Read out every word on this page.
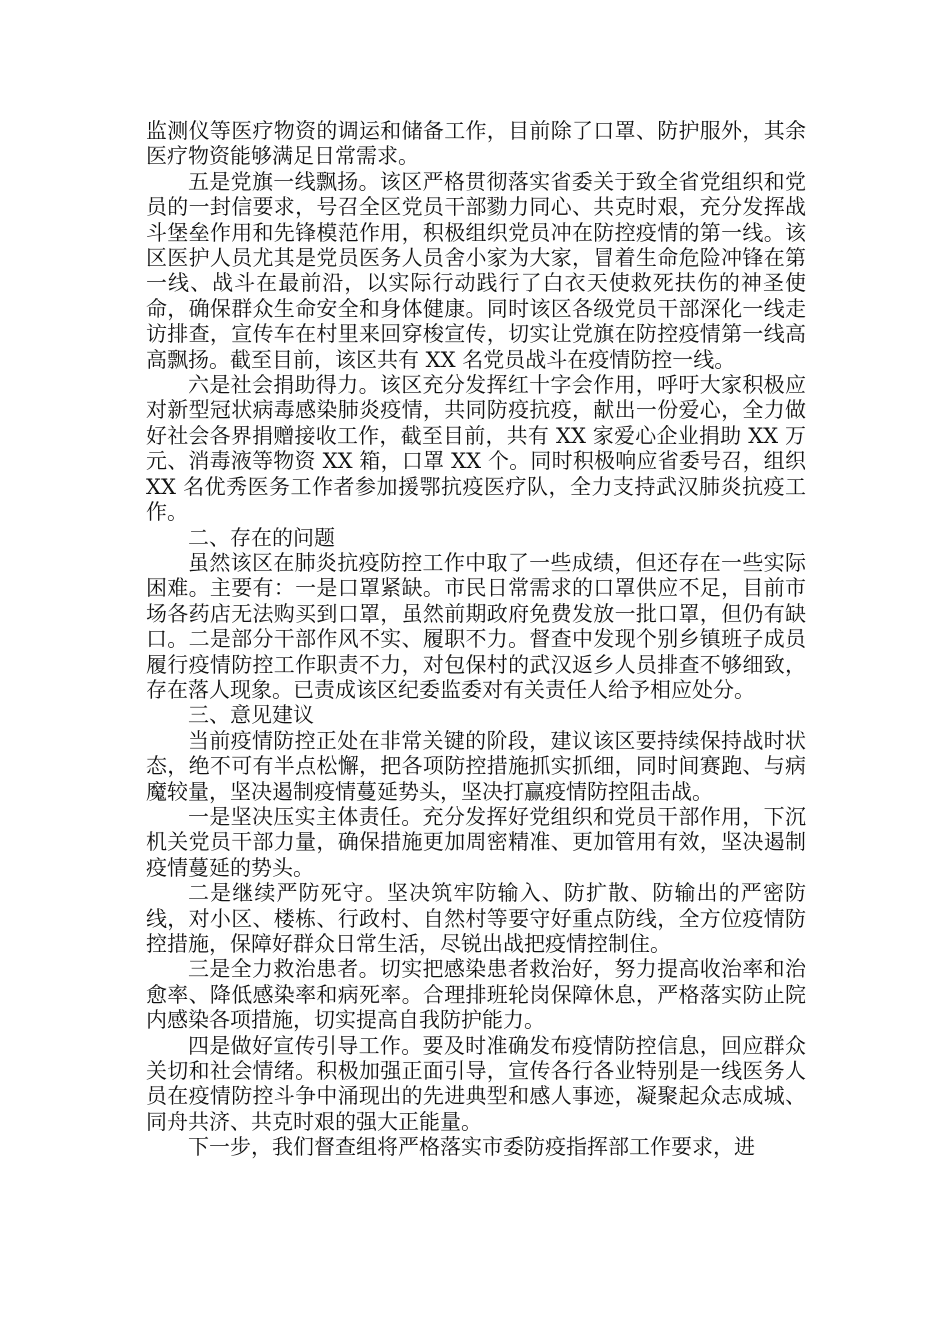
监测仪等医疗物资的调运和储备工作，目前除了口罩、防护服外，其余医疗物资能够满足日常需求。

五是党旗一线飘扬。该区严格贯彻落实省委关于致全省党组织和党员的一封信要求，号召全区党员干部勠力同心、共克时艰，充分发挥战斗堡垒作用和先锋模范作用，积极组织党员冲在防控疫情的第一线。该区医护人员尤其是党员医务人员舍小家为大家，冒着生命危险冲锋在第一线、战斗在最前沿，以实际行动践行了白衣天使救死扶伤的神圣使命，确保群众生命安全和身体健康。同时该区各级党员干部深化一线走访排查，宣传车在村里来回穿梭宣传，切实让党旗在防控疫情第一线高高飘扬。截至目前，该区共有 XX 名党员战斗在疫情防控一线。

六是社会捐助得力。该区充分发挥红十字会作用，呼吁大家积极应对新型冠状病毒感染肺炎疫情，共同防疫抗疫，献出一份爱心，全力做好社会各界捐赠接收工作，截至目前，共有 XX 家爱心企业捐助 XX 万元、消毒液等物资 XX 箱，口罩 XX 个。同时积极响应省委号召，组织 XX 名优秀医务工作者参加援鄂抗疫医疗队，全力支持武汉肺炎抗疫工作。

二、存在的问题

虽然该区在肺炎抗疫防控工作中取了一些成绩，但还存在一些实际困难。主要有：一是口罩紧缺。市民日常需求的口罩供应不足，目前市场各药店无法购买到口罩，虽然前期政府免费发放一批口罩，但仍有缺口。二是部分干部作风不实、履职不力。督查中发现个别乡镇班子成员履行疫情防控工作职责不力，对包保村的武汉返乡人员排查不够细致，存在落人现象。已责成该区纪委监委对有关责任人给予相应处分。

三、意见建议

当前疫情防控正处在非常关键的阶段，建议该区要持续保持战时状态，绝不可有半点松懈，把各项防控措施抓实抓细，同时间赛跑、与病魔较量，坚决遏制疫情蔓延势头，坚决打赢疫情防控阻击战。

一是坚决压实主体责任。充分发挥好党组织和党员干部作用，下沉机关党员干部力量，确保措施更加周密精准、更加管用有效，坚决遏制疫情蔓延的势头。

二是继续严防死守。坚决筑牢防输入、防扩散、防输出的严密防线，对小区、楼栋、行政村、自然村等要守好重点防线，全方位疫情防控措施，保障好群众日常生活，尽锐出战把疫情控制住。

三是全力救治患者。切实把感染患者救治好，努力提高收治率和治愈率、降低感染率和病死率。合理排班轮岗保障休息，严格落实防止院内感染各项措施，切实提高自我防护能力。

四是做好宣传引导工作。要及时准确发布疫情防控信息，回应群众关切和社会情绪。积极加强正面引导，宣传各行各业特别是一线医务人员在疫情防控斗争中涌现出的先进典型和感人事迹，凝聚起众志成城、同舟共济、共克时艰的强大正能量。

下一步，我们督查组将严格落实市委防疫指挥部工作要求，进
